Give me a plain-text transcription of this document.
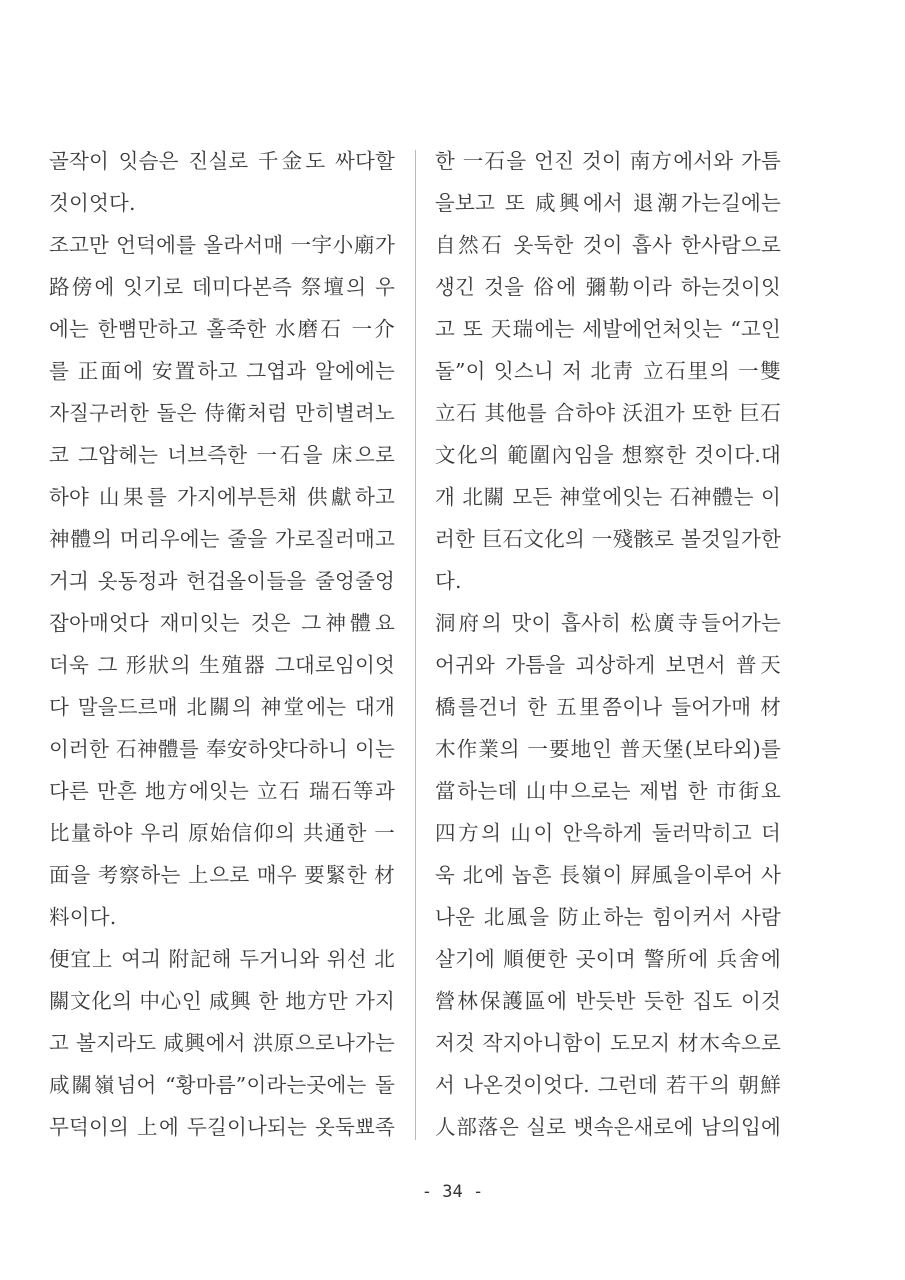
골작이 잇슴은 진실로 千金도 싸다할
것이엇다.
조고만 언덕에를 올라서매 一宇小廟가
路傍에 잇기로 데미다본즉 祭壇의 우
에는 한뼘만하고 홀죽한 水磨石 一介
를 正面에 安置하고 그엽과 알에에는
자질구러한 돌은 侍衛처럼 만히별려노
코 그압헤는 너브즉한 一石을 床으로
하야 山果를 가지에부튼채 供獻하고
神體의 머리우에는 줄을 가로질러매고
거긔 옷동정과 헌겁올이들을 줄엉줄엉
잡아매엇다 재미잇는 것은 그神體요
더욱 그 形狀의 生殖器 그대로임이엇
다 말을드르매 北關의 神堂에는 대개
이러한 石神體를 奉安하얏다하니 이는
다른 만흔 地方에잇는 立石 瑞石等과
比量하야 우리 原始信仰의 共通한 一
面을 考察하는 上으로 매우 要緊한 材
料이다.
便宜上 여긔 附記해 두거니와 위선 北
關文化의 中心인 咸興 한 地方만 가지
고 볼지라도 咸興에서 洪原으로나가는
咸關嶺넘어 “황마름”이라는곳에는 돌
무덕이의 上에 두길이나되는 옷둑뾰족
한 一石을 언진 것이 南方에서와 가틈
을보고 또 咸興에서 退潮가는길에는
自然石 옷둑한 것이 흡사 한사람으로
생긴 것을 俗에 彌勒이라 하는것이잇
고 또 天瑞에는 세발에언처잇는 “고인
돌”이 잇스니 저 北靑 立石里의 一雙
立石 其他를 合하야 沃沮가 또한 巨石
文化의 範圍內임을 想察한 것이다.대
개 北關 모든 神堂에잇는 石神體는 이
러한 巨石文化의 一殘骸로 볼것일가한
다.
洞府의 맛이 흡사히 松廣寺들어가는
어귀와 가틈을 괴상하게 보면서 普天
橋를건너 한 五里쯤이나 들어가매 材
木作業의 一要地인 普天堡(보타외)를
當하는데 山中으로는 제법 한 市街요
四方의 山이 안윽하게 둘러막히고 더
욱 北에 놉흔 長嶺이 屛風을이루어 사
나운 北風을 防止하는 힘이커서 사람
살기에 順便한 곳이며 警所에 兵舍에
營林保護區에 반듯반 듯한 집도 이것
저것 작지아니함이 도모지 材木속으로
서 나온것이엇다. 그런데 若干의 朝鮮
人部落은 실로 뱃속은새로에 남의입에
- 34 -
